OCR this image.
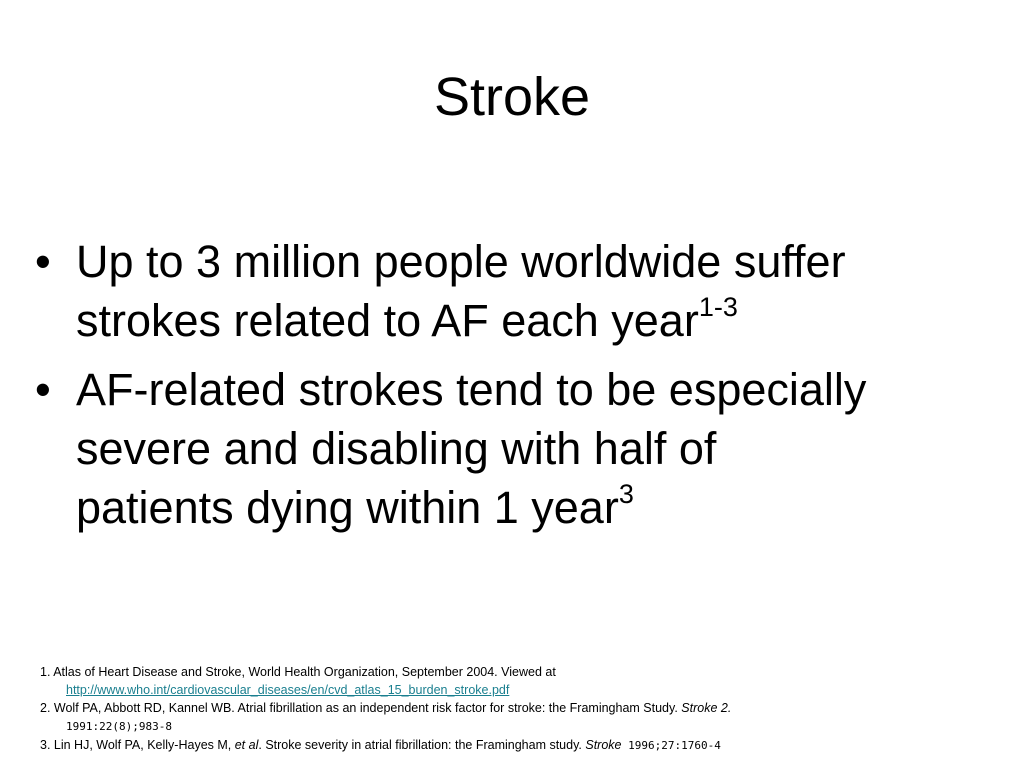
Stroke
• Up to 3 million people worldwide suffer
strokes related to AF each year$^{1-3}$
• AF-related strokes tend to be especially
severe and disabling with half of
patients dying within 1 year$^3$

1. Atlas of Heart Disease and Stroke, World Health Organization, September 2004. Viewed at

http://www.who.int/cardiovascular_diseases/en/cvd_atlas_15_burden_stroke.pdf

2. Wolf PA, Abbott RD, Kannel WB. Atrial fibrillation as an independent risk factor for stroke: the Framingham Study. Stroke 2.

1991:22(8);983-8

3. Lin HJ, Wolf PA, Kelly-Hayes M, et al. Stroke severity in atrial fibrillation: the Framingham study. Stroke 1996;27:1760-4
